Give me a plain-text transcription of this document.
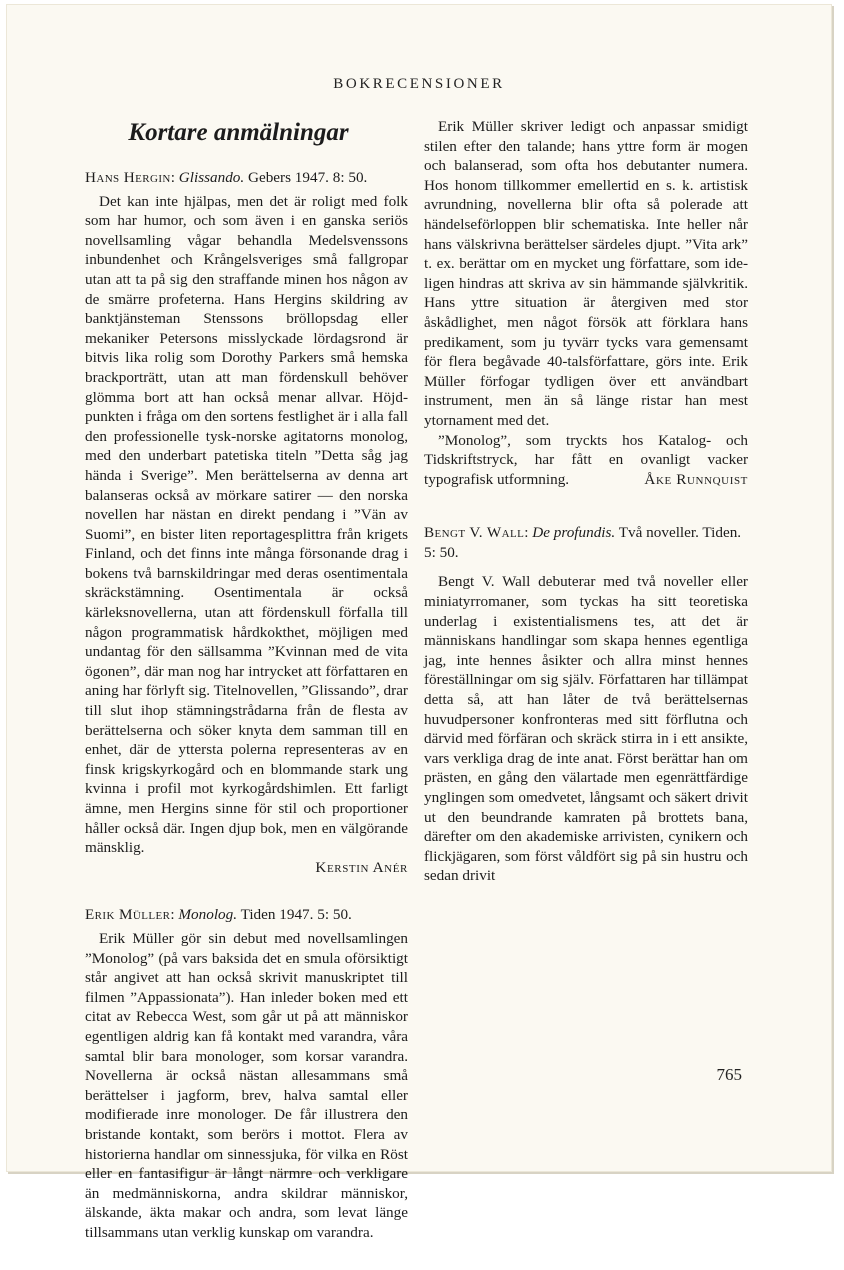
BOKRECENSIONER
Kortare anmälningar
Hans Hergin: Glissando. Gebers 1947. 8: 50.

Det kan inte hjälpas, men det är roligt med folk som har humor, och som även i en ganska seriös novellsamling vågar behandla Medelsvenssons inbundenhet och Krångelsveriges små fallgropar utan att ta på sig den straffande minen hos någon av de smärre profeterna. Hans Hergins skildring av banktjänsteman Stenssons bröllopsdag eller mekaniker Petersons misslyckade lördagsrond är bitvis lika rolig som Dorothy Parkers små hemska brackporträtt, utan att man fördenskull behöver glömma bort att han också menar allvar. Höjdpunkten i fråga om den sortens festlighet är i alla fall den professionelle tysk-norske agitatorns monolog, med den underbart patetiska titeln ”Detta såg jag hända i Sverige”. Men berättelserna av denna art balanseras också av mörkare satirer — den norska novellen har nästan en direkt pendang i ”Vän av Suomi”, en bister liten reportagesplittra från krigets Finland, och det finns inte många försonande drag i bokens två barnskildringar med deras osentimentala skräckstämning. Osentimentala är också kärleksnovellerna, utan att fördenskull förfalla till någon programmatisk hårdkokthet, möjligen med undantag för den sällsamma ”Kvinnan med de vita ögonen”, där man nog har intrycket att författaren en aning har förlyft sig. Titelnovellen, ”Glissando”, drar till slut ihop stämningstrådarna från de flesta av berättelserna och söker knyta dem samman till en enhet, där de yttersta polerna representeras av en finsk krigskyrkogård och en blommande stark ung kvinna i profil mot kyrkogårdshimlen. Ett farligt ämne, men Hergins sinne för stil och proportioner håller också där. Ingen djup bok, men en välgörande mänsklig.

Kerstin Anér

Erik Müller: Monolog. Tiden 1947. 5: 50.

Erik Müller gör sin debut med novellsamlingen ”Monolog” (på vars baksida det en smula oförsiktigt står angivet att han också skrivit manuskriptet till filmen ”Appassionata”). Han inleder boken med ett citat av Rebecca West, som går ut på att människor egentligen aldrig kan få kontakt med varandra, våra samtal blir bara monologer, som korsar varandra. Novellerna är också nästan allesammans små berättelser i jagform, brev, halva samtal eller modifierade inre monologer. De får illustrera den bristande kontakt, som berörs i mottot. Flera av historierna handlar om sinnessjuka, för vilka en Röst eller en fantasifigur är långt närmre och verkligare än medmänniskorna, andra skildrar människor, älskande, äkta makar och andra, som levat länge tillsammans utan verklig kunskap om varandra.

Erik Müller skriver ledigt och anpassar smidigt stilen efter den talande; hans yttre form är mogen och balanserad, som ofta hos debutanter numera. Hos honom tillkommer emellertid en s. k. artistisk avrundning, novellerna blir ofta så polerade att händelseförloppen blir schematiska. Inte heller når hans välskrivna berättelser särdeles djupt. ”Vita ark” t. ex. berättar om en mycket ung författare, som ideligen hindras att skriva av sin hämmande självkritik. Hans yttre situation är återgiven med stor åskådlighet, men något försök att förklara hans predikament, som ju tyvärr tycks vara gemensamt för flera begåvade 40-talsförfattare, görs inte. Erik Müller förfogar tydligen över ett användbart instrument, men än så länge ristar han mest ytornament med det.

”Monolog”, som tryckts hos Katalog- och Tidskriftstryck, har fått en ovanligt vacker typografisk utformning.	Åke Runnquist

Bengt V. Wall: De profundis. Två noveller. Tiden. 5: 50.

Bengt V. Wall debuterar med två noveller eller miniatyrromaner, som tyckas ha sitt teoretiska underlag i existentialismens tes, att det är människans handlingar som skapa hennes egentliga jag, inte hennes åsikter och allra minst hennes föreställningar om sig själv. Författaren har tillämpat detta så, att han låter de två berättelsernas huvudpersoner konfronteras med sitt förflutna och därvid med förfäran och skräck stirra in i ett ansikte, vars verkliga drag de inte anat. Först berättar han om prästen, en gång den välartade men egenrättfärdige ynglingen som omedvetet, långsamt och säkert drivit ut den beundrande kamraten på brottets bana, därefter om den akademiske arrivisten, cynikern och flickjägaren, som först våldfört sig på sin hustru och sedan drivit

765
